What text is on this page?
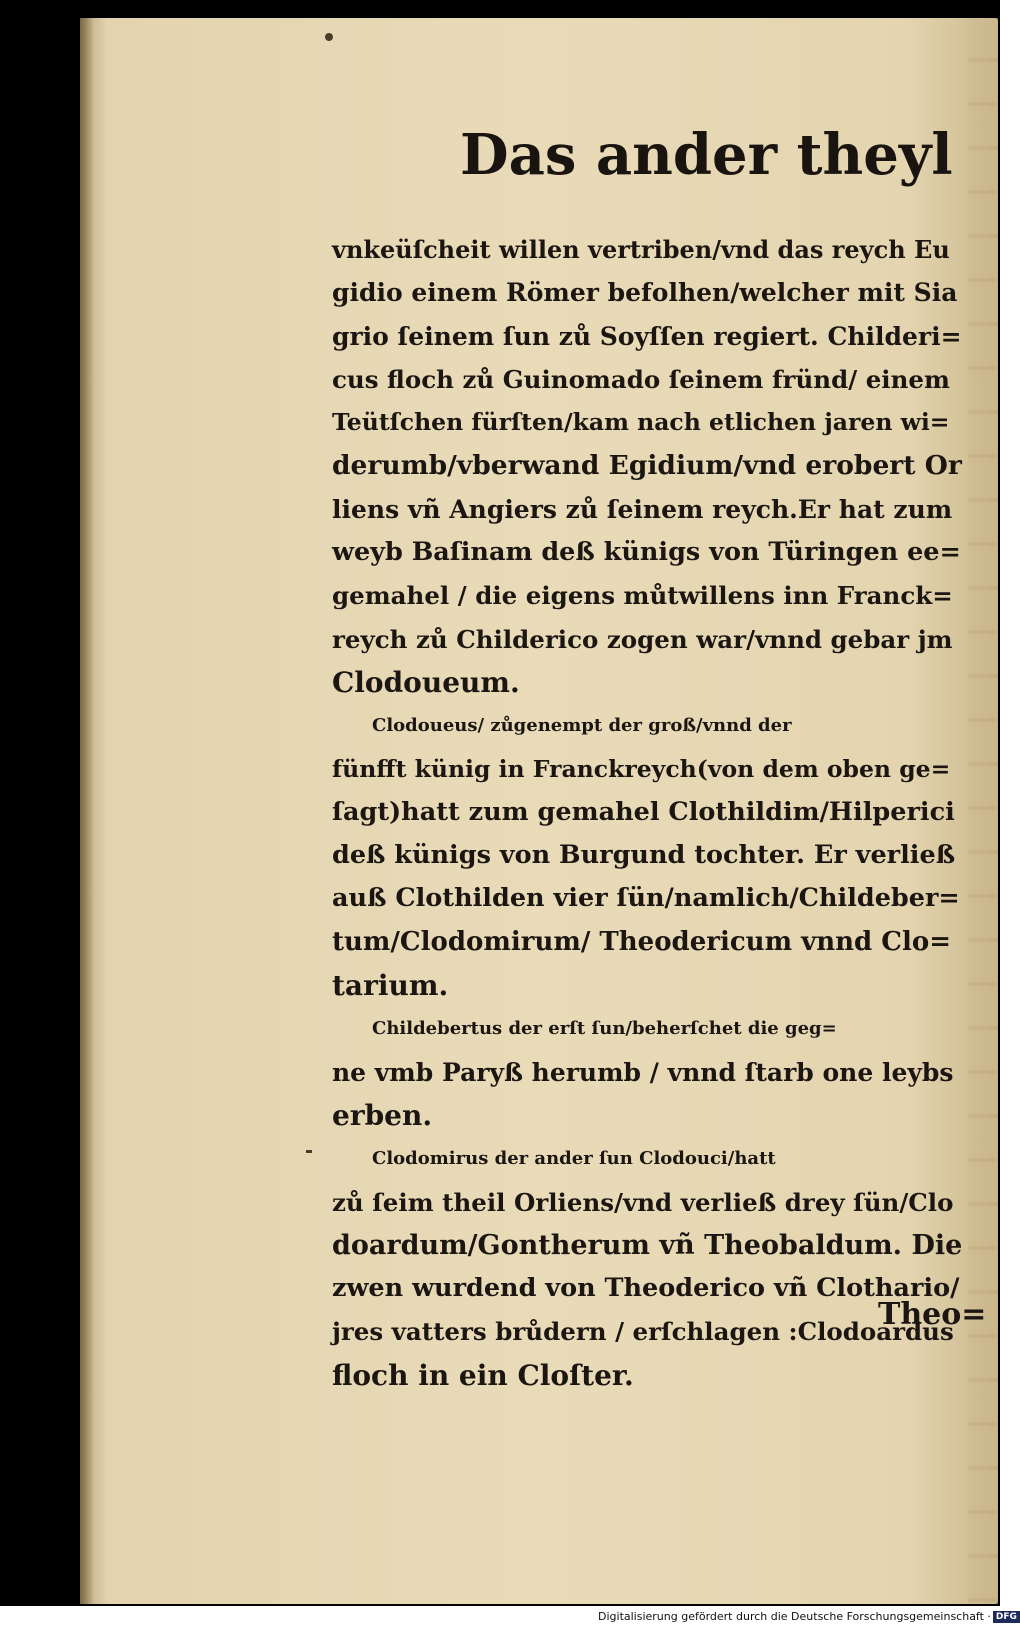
Das ander theyl
vnkeüſcheit willen vertriben/vnd das reych Eu
gidio einem Römer befolhen/welcher mit Sia
grio ſeinem ſun zů Soyſſen regiert. Childeri=
cus floch zů Guinomado ſeinem fründ/ einem
Teütſchen fürſten/kam nach etlichen jaren wi=
derumb/vberwand Egidium/vnd erobert Or
liens vñ Angiers zů ſeinem reych.Er hat zum
weyb Baſinam deß künigs von Türingen ee=
gemahel / die eigens můtwillens inn Franck=
reych zů Childerico zogen war/vnnd gebar jm
Clodoueum.
Clodoueus/ zůgenempt der groß/vnnd der
fünfft künig in Franckreych(von dem oben ge=
ſagt)hatt zum gemahel Clothildim/Hilperici
deß künigs von Burgund tochter. Er verließ
auß Clothilden vier ſün/namlich/Childeber=
tum/Clodomirum/ Theodericum vnnd Clo=
tarium.
Childebertus der erſt ſun/beherſchet die geg=
ne vmb Paryß herumb / vnnd ſtarb one leybs
erben.
Clodomirus der ander ſun Clodouci/hatt
zů ſeim theil Orliens/vnd verließ drey ſün/Clo
doardum/Gontherum vñ Theobaldum. Die
zwen wurdend von Theoderico vñ Clothario/
jres vatters brůdern / erſchlagen :Clodoardus
floch in ein Cloſter.
Theo=
Digitalisierung gefördert durch die Deutsche Forschungsgemeinschaft · DFG
